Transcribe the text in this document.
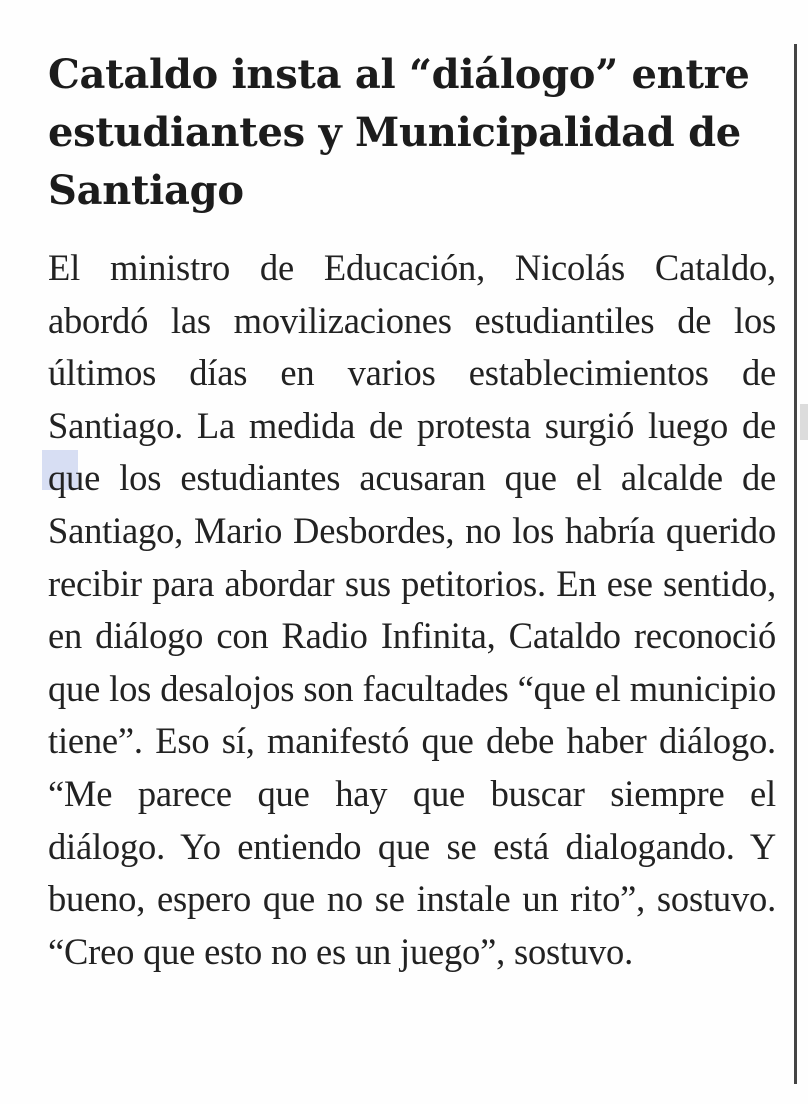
Cataldo insta al “diálogo” entre estudiantes y Municipalidad de Santiago

El ministro de Educación, Nicolás Cataldo, abordó las movilizaciones estudiantiles de los últimos días en varios establecimientos de Santiago. La medida de protesta surgió luego de que los estudiantes acusaran que el alcalde de Santiago, Mario Desbordes, no los habría querido recibir para abordar sus petitorios. En ese sentido, en diálogo con Radio Infinita, Cataldo reconoció que los desalojos son facultades “que el municipio tiene”. Eso sí, manifestó que debe haber diálogo. “Me parece que hay que buscar siempre el diálogo. Yo entiendo que se está dialogando. Y bueno, espero que no se instale un rito”, sostuvo. “Creo que esto no es un juego”, sostuvo.
